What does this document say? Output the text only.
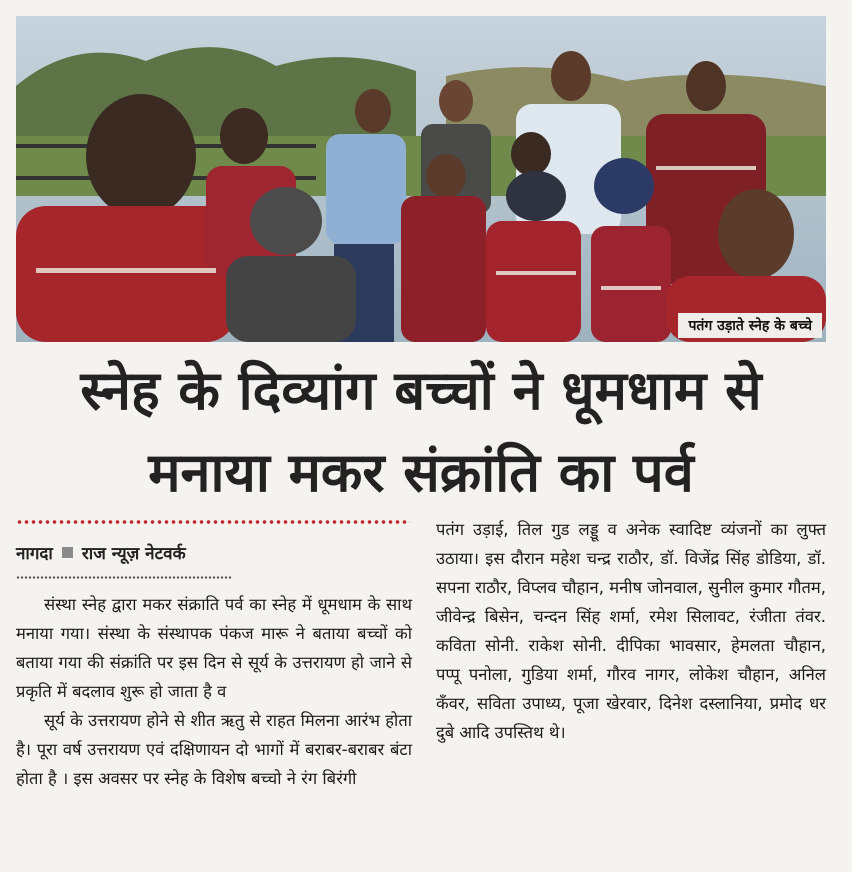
पतंग उड़ाते स्नेह के बच्चे
स्नेह के दिव्यांग बच्चों ने धूमधाम से
मनाया मकर संक्रांति का पर्व
नागदा राज न्यूज़ नेटवर्क

संस्था स्नेह द्वारा मकर संक्राति पर्व का स्नेह में धूमधाम के साथ मनाया गया। संस्था के संस्थापक पंकज मारू ने बताया बच्चों को बताया गया की संक्रांति पर इस दिन से सूर्य के उत्तरायण हो जाने से प्रकृति में बदलाव शुरू हो जाता है व

सूर्य के उत्तरायण होने से शीत ऋतु से राहत मिलना आरंभ होता है। पूरा वर्ष उत्तरायण एवं दक्षिणायन दो भागों में बराबर-बराबर बंटा होता है । इस अवसर पर स्नेह के विशेष बच्चो ने रंग बिरंगी

पतंग उड़ाई, तिल गुड लड्डू व अनेक स्वादिष्ट व्यंजनों का लुफ्त उठाया। इस दौरान महेश चन्द्र राठौर, डॉ. विजेंद्र सिंह डोडिया, डॉ. सपना राठौर, विप्लव चौहान, मनीष जोनवाल, सुनील कुमार गौतम, जीवेन्द्र बिसेन, चन्दन सिंह शर्मा, रमेश सिलावट, रंजीता तंवर. कविता सोनी. राकेश सोनी. दीपिका भावसार, हेमलता चौहान, पप्पू पनोला, गुडिया शर्मा, गौरव नागर, लोकेश चौहान, अनिल कँवर, सविता उपाध्य, पूजा खेरवार, दिनेश दस्लानिया, प्रमोद धर दुबे आदि उपस्तिथ थे।
